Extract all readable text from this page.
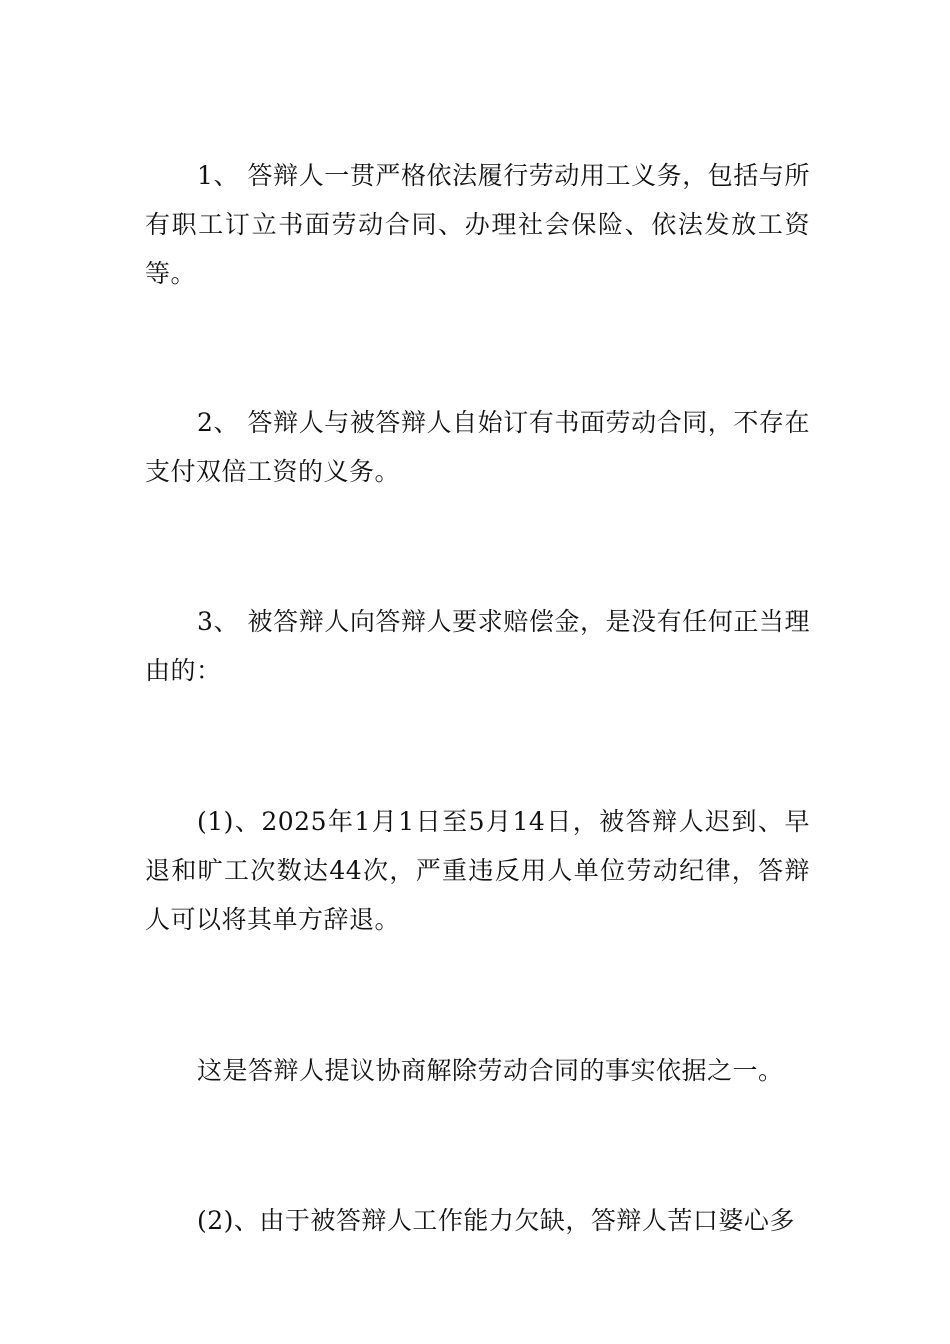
1、 答辩人一贯严格依法履行劳动用工义务，包括与所有职工订立书面劳动合同、办理社会保险、依法发放工资等。

2、 答辩人与被答辩人自始订有书面劳动合同，不存在支付双倍工资的义务。

3、 被答辩人向答辩人要求赔偿金，是没有任何正当理由的：

(1)、2025年1月1日至5月14日，被答辩人迟到、早退和旷工次数达44次，严重违反用人单位劳动纪律，答辩人可以将其单方辞退。

这是答辩人提议协商解除劳动合同的事实依据之一。

(2)、由于被答辩人工作能力欠缺，答辩人苦口婆心多
